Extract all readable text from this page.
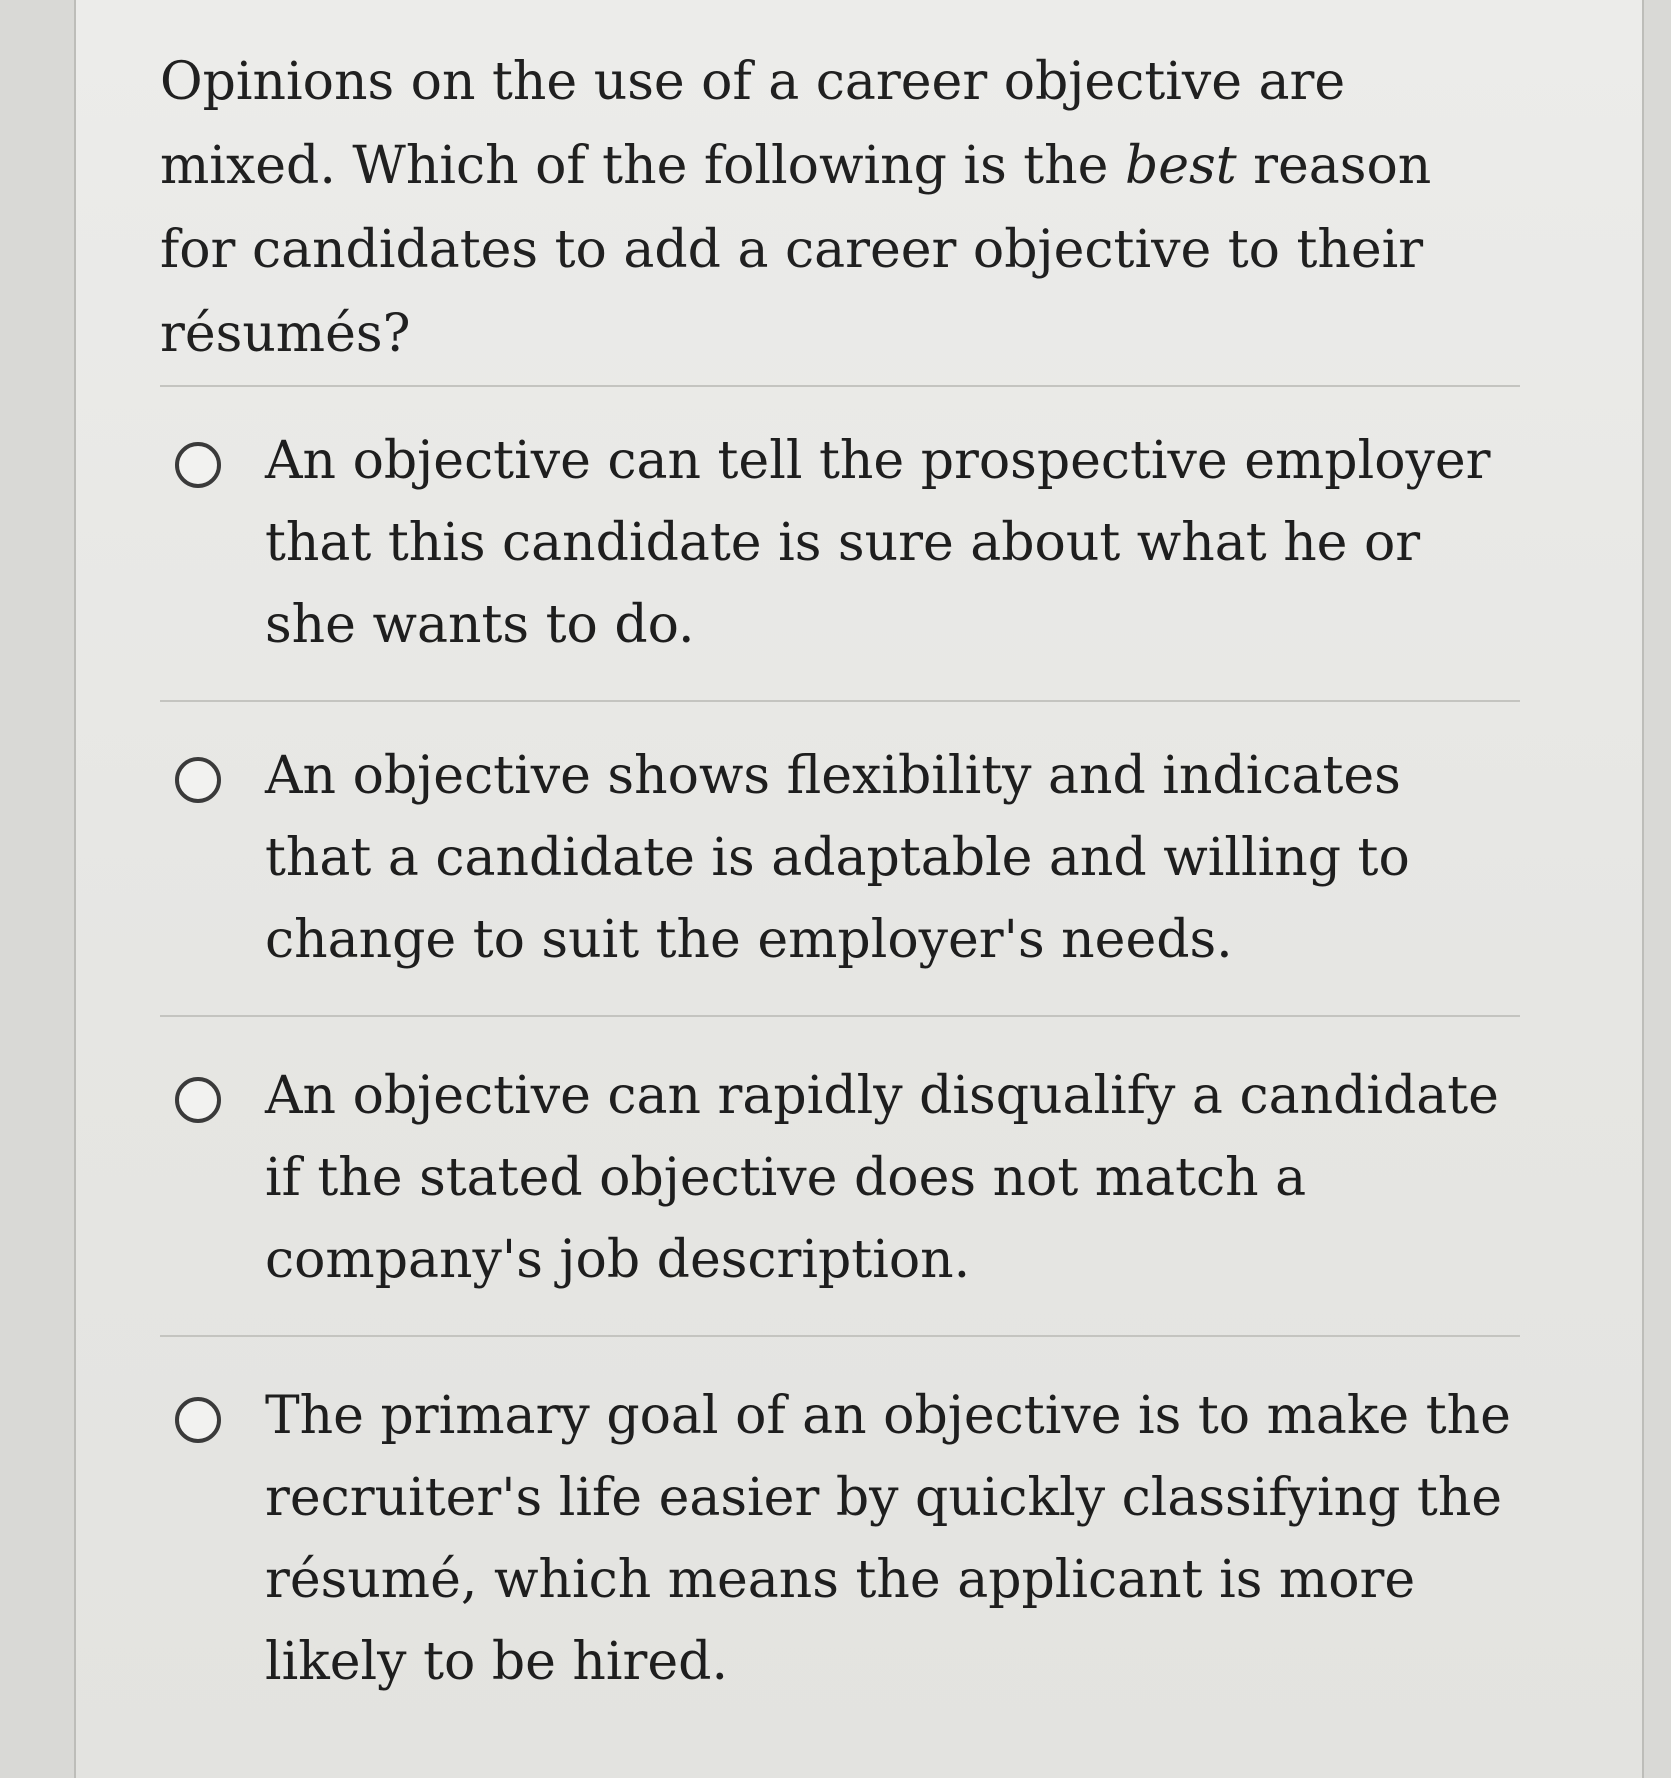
Opinions on the use of a career objective are mixed. Which of the following is the best reason for candidates to add a career objective to their résumés?

An objective can tell the prospective employer that this candidate is sure about what he or she wants to do.
An objective shows flexibility and indicates that a candidate is adaptable and willing to change to suit the employer's needs.
An objective can rapidly disqualify a candidate if the stated objective does not match a company's job description.
The primary goal of an objective is to make the recruiter's life easier by quickly classifying the résumé, which means the applicant is more likely to be hired.
